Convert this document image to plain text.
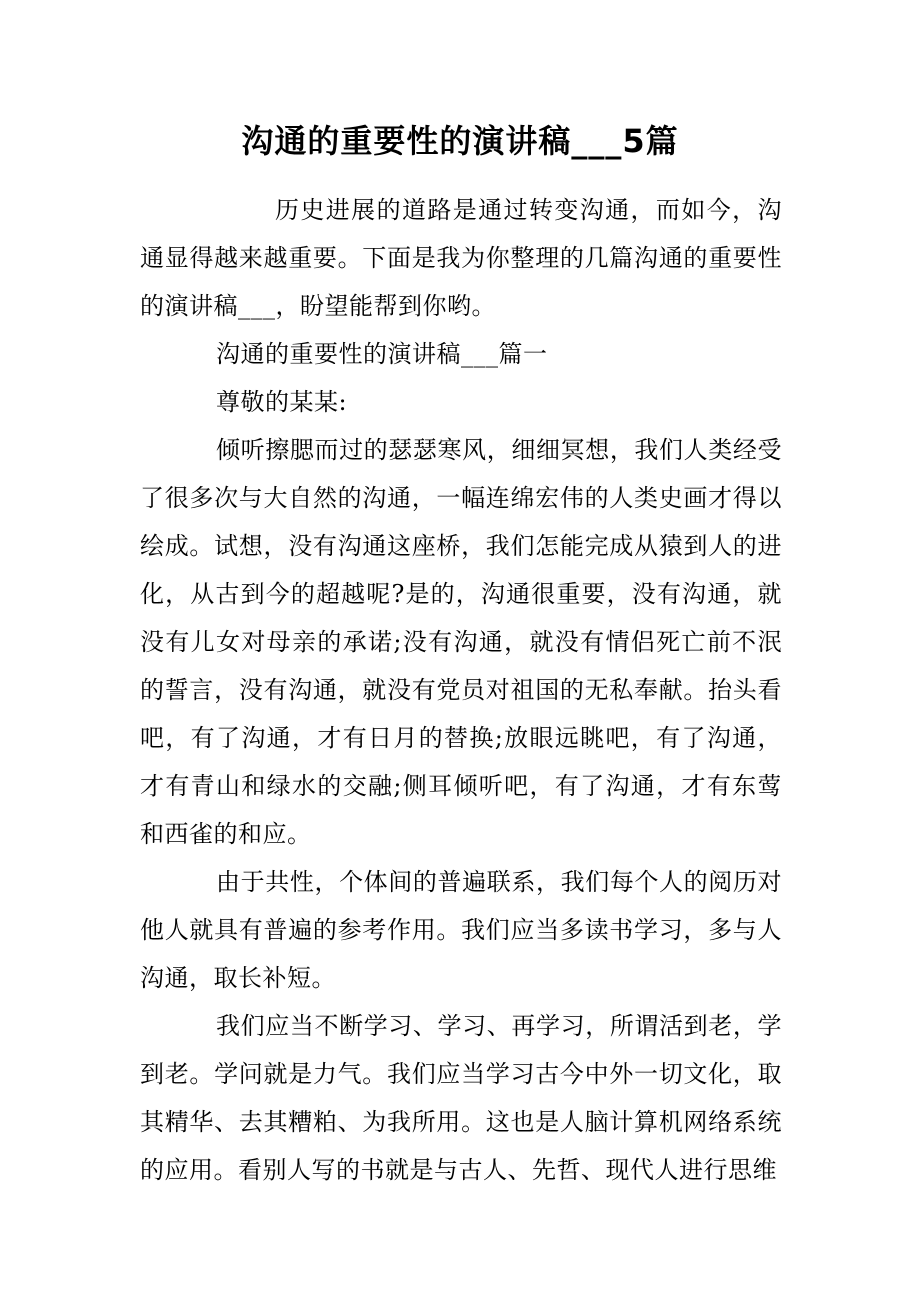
沟通的重要性的演讲稿___5篇

历史进展的道路是通过转变沟通，而如今，沟通显得越来越重要。下面是我为你整理的几篇沟通的重要性的演讲稿___，盼望能帮到你哟。

沟通的重要性的演讲稿___篇一

尊敬的某某:

倾听擦腮而过的瑟瑟寒风，细细冥想，我们人类经受了很多次与大自然的沟通，一幅连绵宏伟的人类史画才得以绘成。试想，没有沟通这座桥，我们怎能完成从猿到人的进化，从古到今的超越呢?是的，沟通很重要，没有沟通，就没有儿女对母亲的承诺;没有沟通，就没有情侣死亡前不泯的誓言，没有沟通，就没有党员对祖国的无私奉献。抬头看吧，有了沟通，才有日月的替换;放眼远眺吧，有了沟通，才有青山和绿水的交融;侧耳倾听吧，有了沟通，才有东莺和西雀的和应。

由于共性，个体间的普遍联系，我们每个人的阅历对他人就具有普遍的参考作用。我们应当多读书学习，多与人沟通，取长补短。

我们应当不断学习、学习、再学习，所谓活到老，学到老。学问就是力气。我们应当学习古今中外一切文化，取其精华、去其糟粕、为我所用。这也是人脑计算机网络系统的应用。看别人写的书就是与古人、先哲、现代人进行思维
